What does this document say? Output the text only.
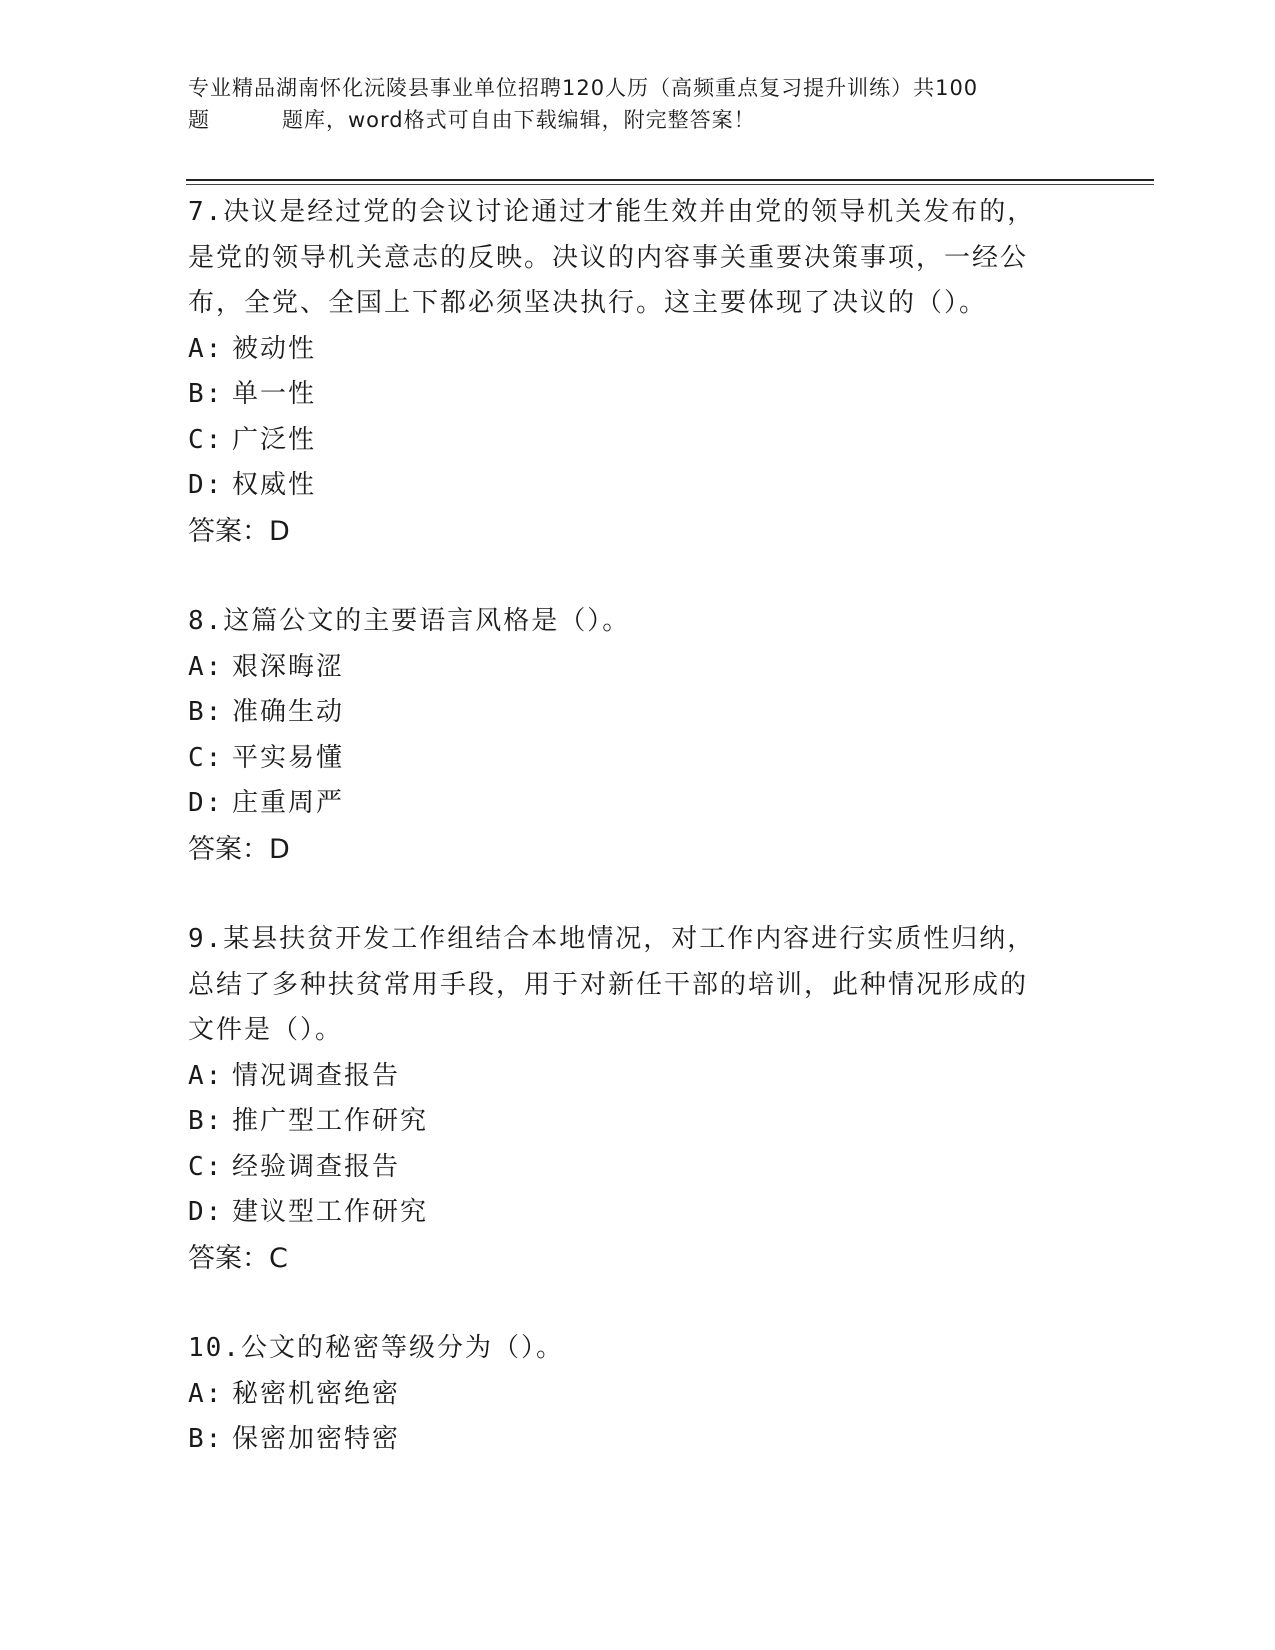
专业精品湖南怀化沅陵县事业单位招聘120人历（高频重点复习提升训练）共100

题	题库，word格式可自由下载编辑，附完整答案！

7.决议是经过党的会议讨论通过才能生效并由党的领导机关发布的，

是党的领导机关意志的反映。决议的内容事关重要决策事项，一经公

布，全党、全国上下都必须坚决执行。这主要体现了决议的（）。

A: 被动性

B: 单一性

C: 广泛性

D: 权威性

答案：D

8.这篇公文的主要语言风格是（）。

A: 艰深晦涩

B: 准确生动

C: 平实易懂

D: 庄重周严

答案：D

9.某县扶贫开发工作组结合本地情况，对工作内容进行实质性归纳，

总结了多种扶贫常用手段，用于对新任干部的培训，此种情况形成的

文件是（）。

A: 情况调查报告

B: 推广型工作研究

C: 经验调查报告

D: 建议型工作研究

答案：C

10.公文的秘密等级分为（）。

A: 秘密机密绝密

B: 保密加密特密
